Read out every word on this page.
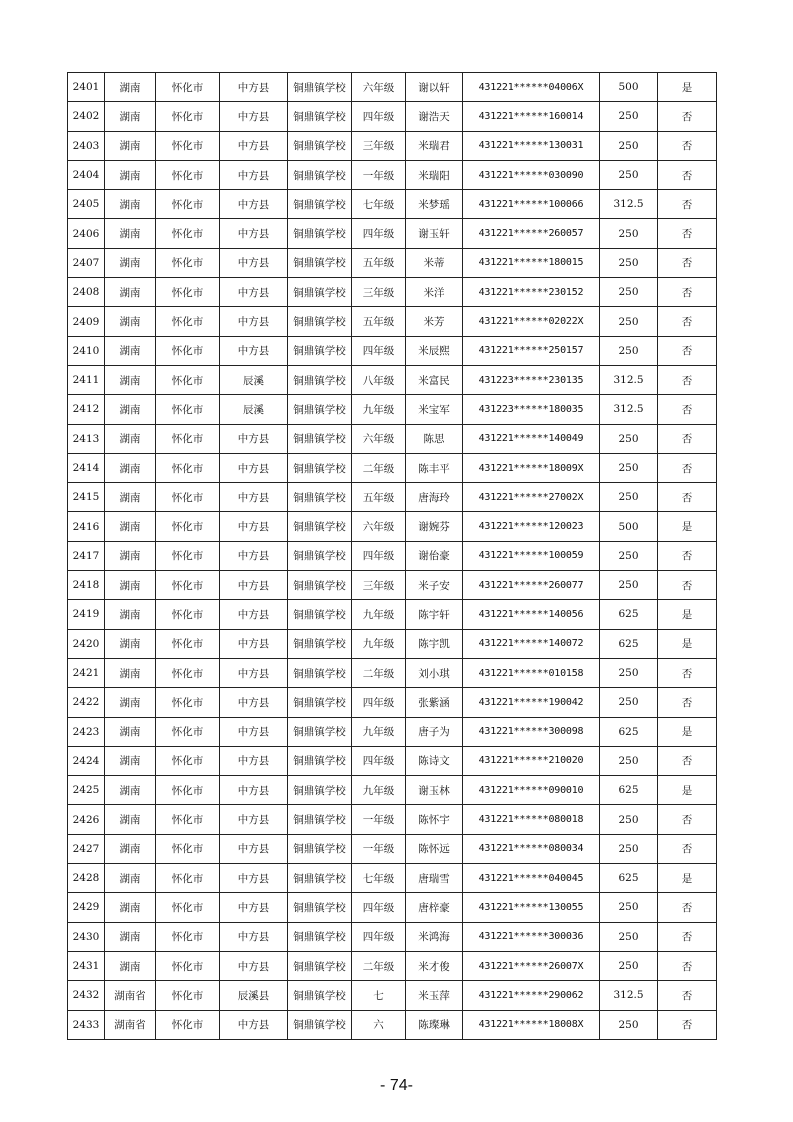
2401	湖南	怀化市	中方县	铜鼎镇学校	六年级	谢以轩	431221******04006X	500	是
2402	湖南	怀化市	中方县	铜鼎镇学校	四年级	谢浩天	431221******160014	250	否
2403	湖南	怀化市	中方县	铜鼎镇学校	三年级	米瑞君	431221******130031	250	否
2404	湖南	怀化市	中方县	铜鼎镇学校	一年级	米瑞阳	431221******030090	250	否
2405	湖南	怀化市	中方县	铜鼎镇学校	七年级	米梦瑶	431221******100066	312.5	否
2406	湖南	怀化市	中方县	铜鼎镇学校	四年级	谢玉轩	431221******260057	250	否
2407	湖南	怀化市	中方县	铜鼎镇学校	五年级	米蒂	431221******180015	250	否
2408	湖南	怀化市	中方县	铜鼎镇学校	三年级	米洋	431221******230152	250	否
2409	湖南	怀化市	中方县	铜鼎镇学校	五年级	米芳	431221******02022X	250	否
2410	湖南	怀化市	中方县	铜鼎镇学校	四年级	米辰熙	431221******250157	250	否
2411	湖南	怀化市	辰溪	铜鼎镇学校	八年级	米富民	431223******230135	312.5	否
2412	湖南	怀化市	辰溪	铜鼎镇学校	九年级	米宝军	431223******180035	312.5	否
2413	湖南	怀化市	中方县	铜鼎镇学校	六年级	陈思	431221******140049	250	否
2414	湖南	怀化市	中方县	铜鼎镇学校	二年级	陈丰平	431221******18009X	250	否
2415	湖南	怀化市	中方县	铜鼎镇学校	五年级	唐海玲	431221******27002X	250	否
2416	湖南	怀化市	中方县	铜鼎镇学校	六年级	谢婉芬	431221******120023	500	是
2417	湖南	怀化市	中方县	铜鼎镇学校	四年级	谢佁豪	431221******100059	250	否
2418	湖南	怀化市	中方县	铜鼎镇学校	三年级	米子安	431221******260077	250	否
2419	湖南	怀化市	中方县	铜鼎镇学校	九年级	陈宇轩	431221******140056	625	是
2420	湖南	怀化市	中方县	铜鼎镇学校	九年级	陈宇凯	431221******140072	625	是
2421	湖南	怀化市	中方县	铜鼎镇学校	二年级	刘小琪	431221******010158	250	否
2422	湖南	怀化市	中方县	铜鼎镇学校	四年级	张紫涵	431221******190042	250	否
2423	湖南	怀化市	中方县	铜鼎镇学校	九年级	唐子为	431221******300098	625	是
2424	湖南	怀化市	中方县	铜鼎镇学校	四年级	陈诗文	431221******210020	250	否
2425	湖南	怀化市	中方县	铜鼎镇学校	九年级	谢玉林	431221******090010	625	是
2426	湖南	怀化市	中方县	铜鼎镇学校	一年级	陈怀宇	431221******080018	250	否
2427	湖南	怀化市	中方县	铜鼎镇学校	一年级	陈怀远	431221******080034	250	否
2428	湖南	怀化市	中方县	铜鼎镇学校	七年级	唐瑞雪	431221******040045	625	是
2429	湖南	怀化市	中方县	铜鼎镇学校	四年级	唐梓豪	431221******130055	250	否
2430	湖南	怀化市	中方县	铜鼎镇学校	四年级	米鸿海	431221******300036	250	否
2431	湖南	怀化市	中方县	铜鼎镇学校	二年级	米才俊	431221******26007X	250	否
2432	湖南省	怀化市	辰溪县	铜鼎镇学校	七	米玉萍	431221******290062	312.5	否
2433	湖南省	怀化市	中方县	铜鼎镇学校	六	陈璨琳	431221******18008X	250	否
- 74-
